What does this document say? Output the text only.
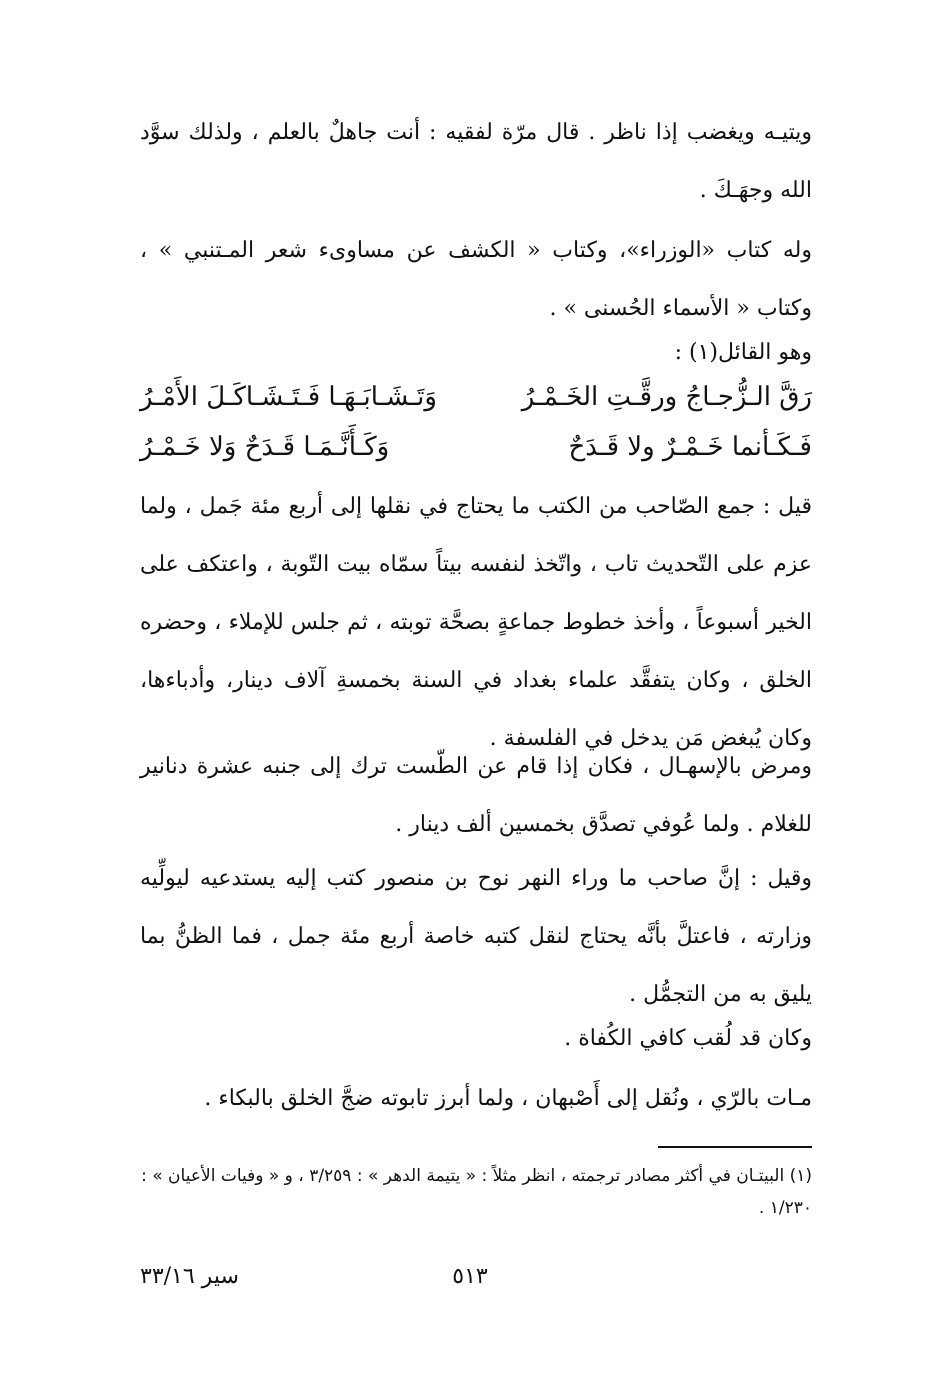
ويتيـه ويغضب إذا ناظر . قال مرّة لفقيه : أنت جاهلٌ بالعلم ، ولذلك سوَّد الله وجهَـكَ .

وله كتاب «الوزراء»، وكتاب « الكشف عن مساوىء شعر المـتنبي » ، وكتاب « الأسماء الحُسنى » .

وهو القائل(١) :

رَقَّ الـزُّجـاجُ ورقَّـتِ الخَـمْـرُ
وَتَـشَـابَـهَـا فَـتَـشَـاكَـلَ الأَمْـرُ
فَـكَـأنما خَـمْـرٌ ولا قَـدَحٌ
وَكَـأَنَّـمَـا قَـدَحٌ وَلا خَـمْـرُ

قيل : جمع الصّاحب من الكتب ما يحتاج في نقلها إلى أربع مئة جَمل ، ولما عزم على التّحديث تاب ، واتّخذ لنفسه بيتاً سمّاه بيت التّوبة ، واعتكف على الخير أسبوعاً ، وأخذ خطوط جماعةٍ بصحَّة توبته ، ثم جلس للإملاء ، وحضره الخلق ، وكان يتفقَّد علماء بغداد في السنة بخمسةِ آلاف دينار، وأدباءها، وكان يُبغض مَن يدخل في الفلسفة .

ومرض بالإسهـال ، فكان إذا قام عن الطّست ترك إلى جنبه عشرة دنانير للغلام . ولما عُوفي تصدَّق بخمسين ألف دينار .

وقيل : إنَّ صاحب ما وراء النهر نوح بن منصور كتب إليه يستدعيه ليولِّيه وزارته ، فاعتلَّ بأنَّه يحتاج لنقل كتبه خاصة أربع مئة جمل ، فما الظنُّ بما يليق به من التجمُّل .

وكان قد لُقب كافي الكُفاة .

مـات بالرّي ، ونُقل إلى أَصْبهان ، ولما أبرز تابوته ضجَّ الخلق بالبكاء .

(١) البيتـان في أكثر مصادر ترجمته ، انظر مثلاً : « يتيمة الدهر » : ٣/٢٥٩ ، و « وفيات الأعيان » : ١/٢٣٠ .
٥١٣
سير ٣٣/١٦
